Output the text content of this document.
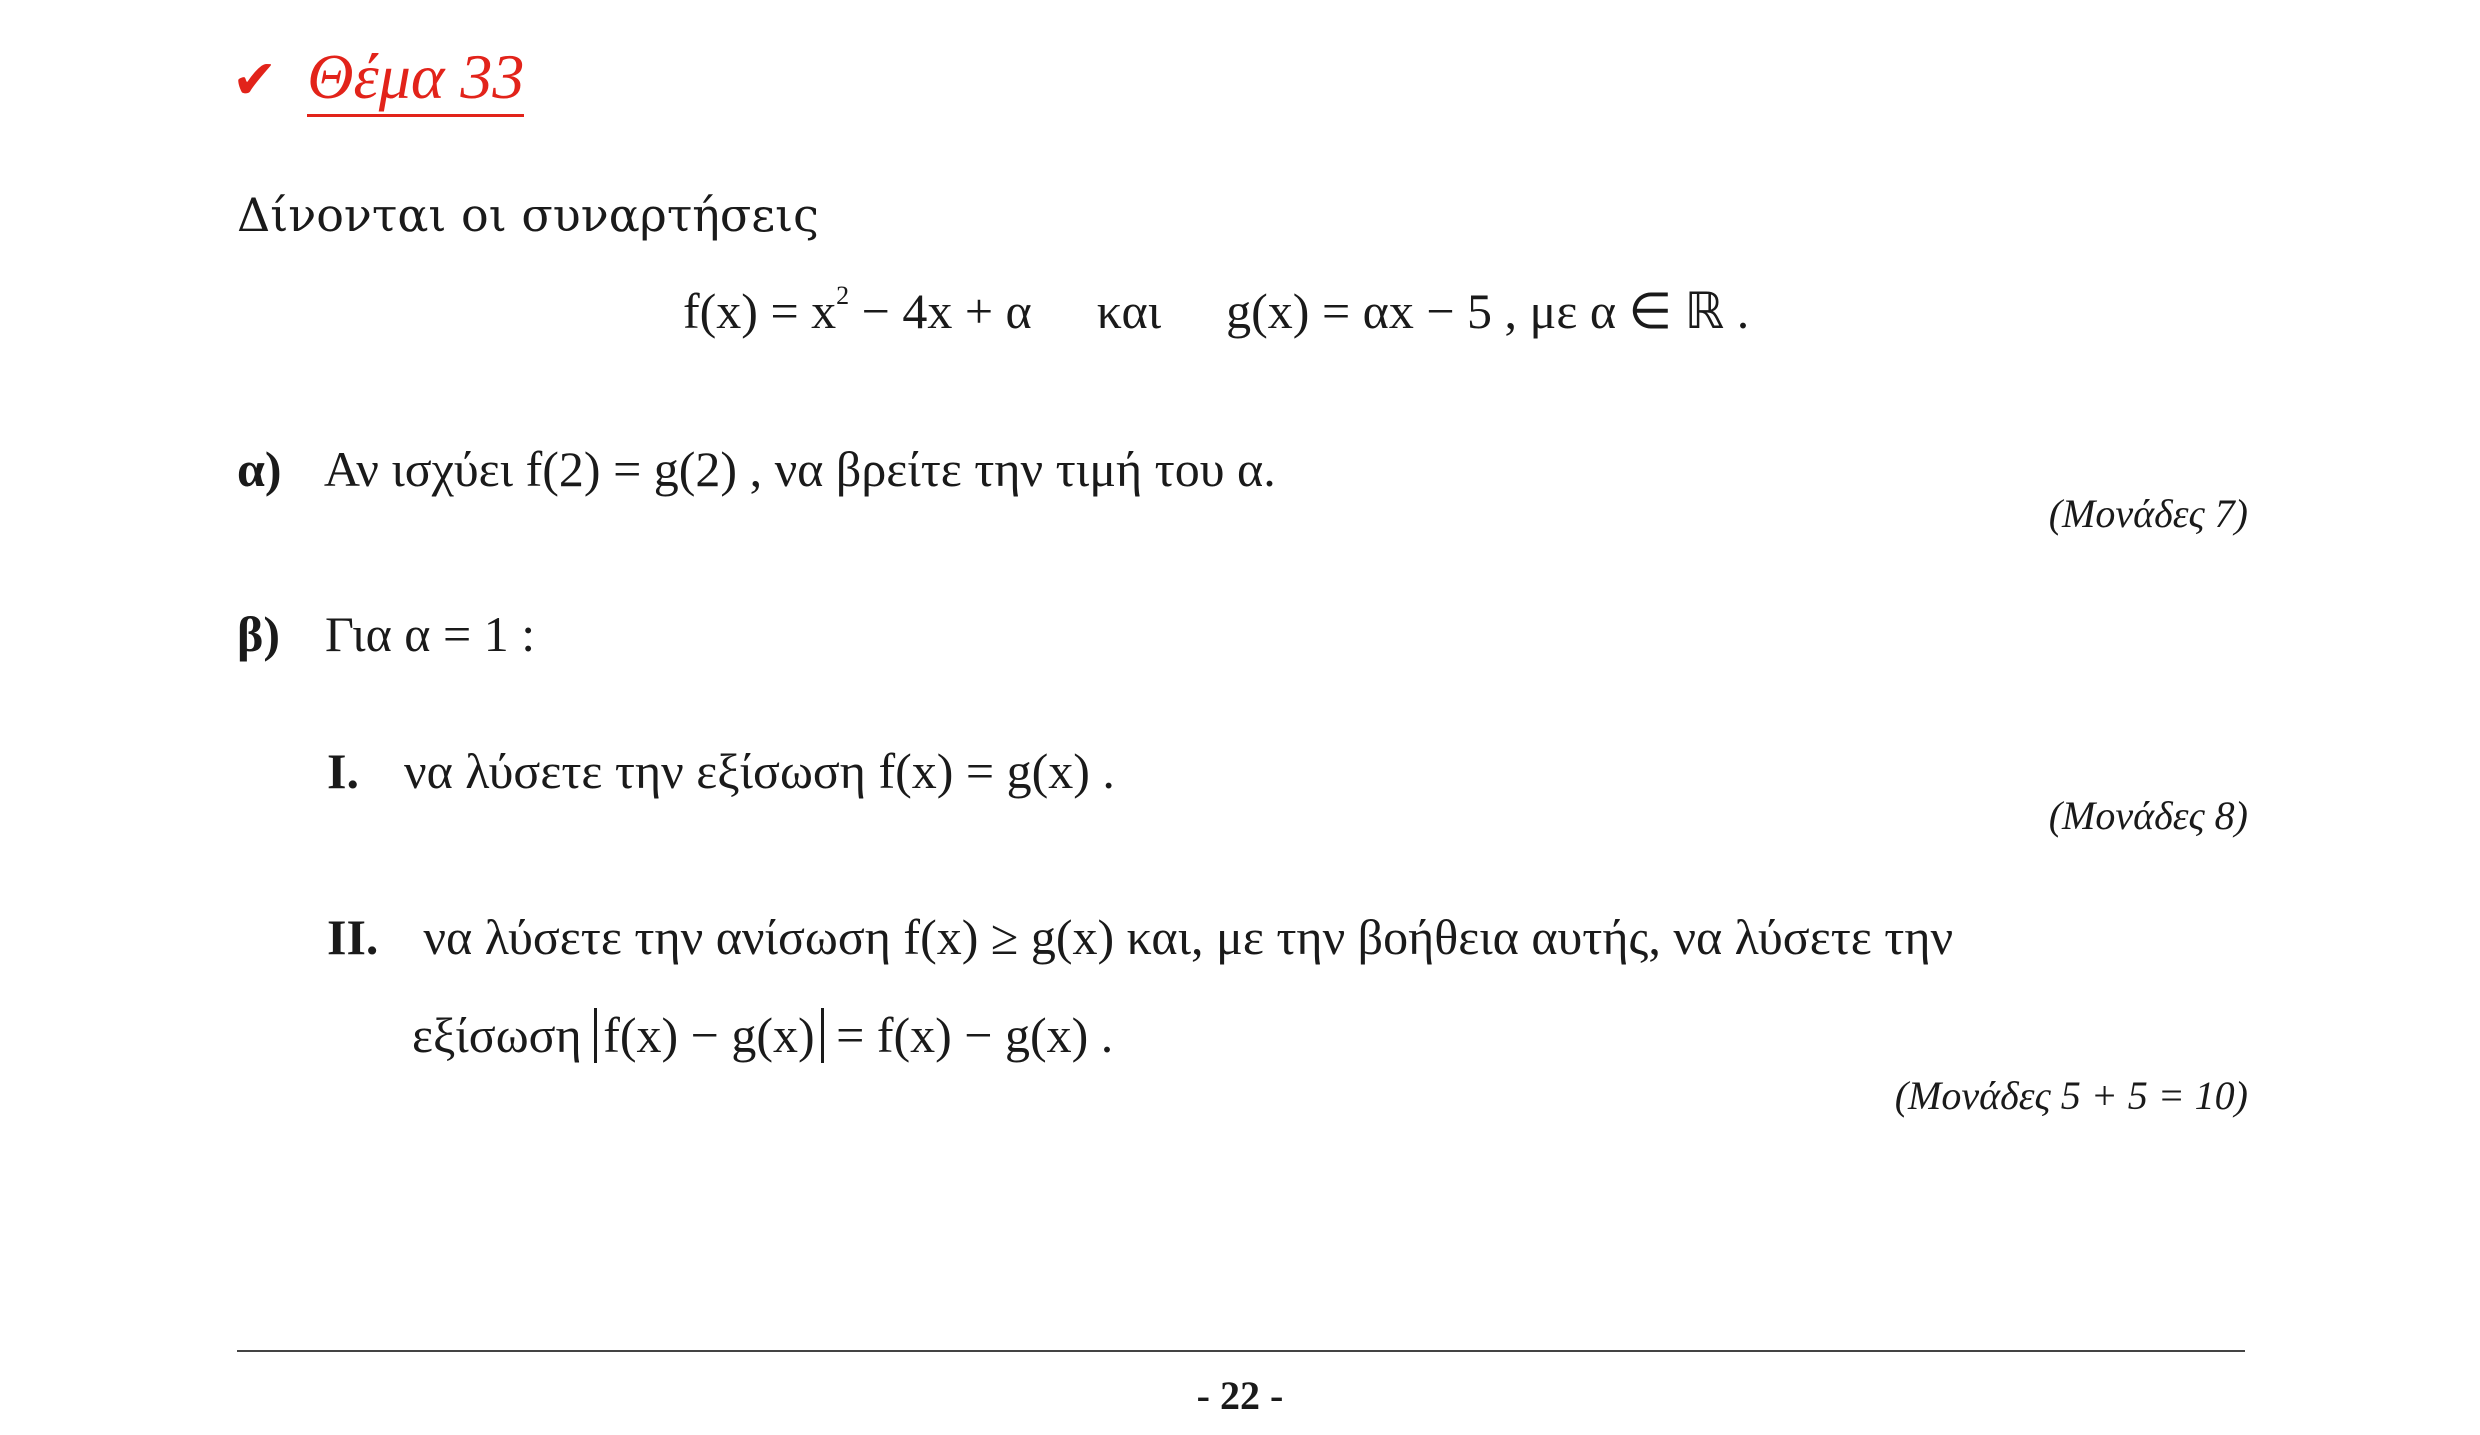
✔ Θέμα 33
Δίνονται οι συναρτήσεις
$f(x) = x^2 - 4x + \alpha$ και g(x) = αx − 5 , με α ∈ ℝ .
α) Αν ισχύει f(2) = g(2) , να βρείτε την τιμή του α.
(Μονάδες 7)
β) Για α = 1 :
I. να λύσετε την εξίσωση f(x) = g(x) .
(Μονάδες 8)
II. να λύσετε την ανίσωση f(x) ≥ g(x) και, με την βοήθεια αυτής, να λύσετε την
εξίσωση f(x) − g(x) = f(x) − g(x) .
(Μονάδες 5 + 5 = 10)
- 22 -
